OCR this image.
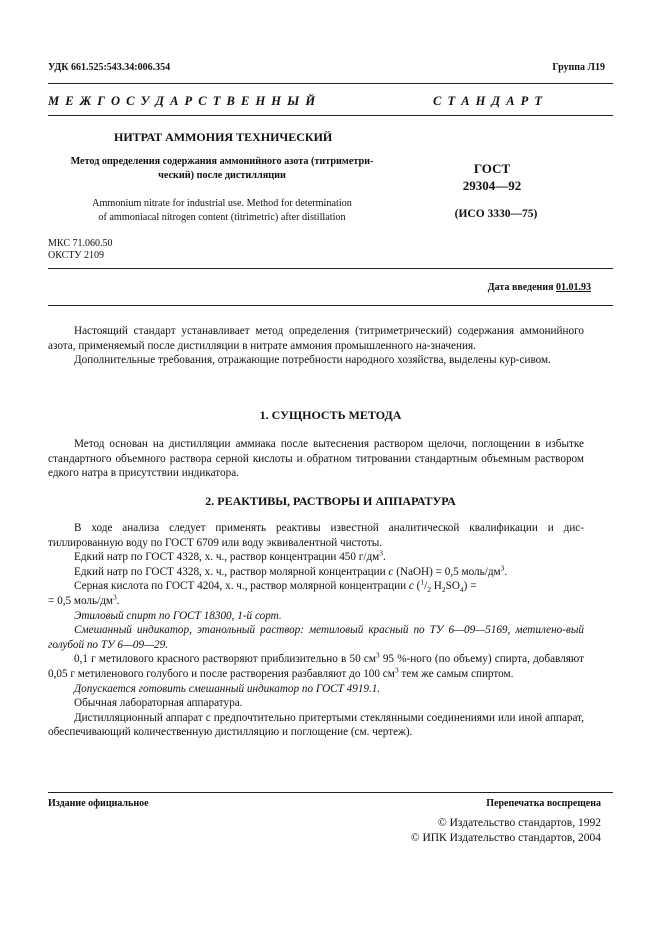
УДК 661.525:543.34:006.354	Группа Л19
М Е Ж Г О С У Д А Р С Т В Е Н Н Ы Й	С Т А Н Д А Р Т
НИТРАТ АММОНИЯ ТЕХНИЧЕСКИЙ
Метод определения содержания аммонийного азота (титриметри-
ческий) после дистилляции
Ammonium nitrate for industrial use. Method for determination
of ammoniacal nitrogen content (titrimetric) after distillation
ГОСТ
29304—92
(ИСО 3330—75)
МКС 71.060.50
ОКСТУ 2109
Дата введения 01.01.93
Настоящий стандарт устанавливает метод определения (титриметрический) содержания аммонийного азота, применяемый после дистилляции в нитрате аммония промышленного на-значения.
Дополнительные требования, отражающие потребности народного хозяйства, выделены кур-сивом.
1. СУЩНОСТЬ МЕТОДА
Метод основан на дистилляции аммиака после вытеснения раствором щелочи, поглощении в избытке стандартного объемного раствора серной кислоты и обратном титровании стандартным объемным раствором едкого натра в присутствии индикатора.
2. РЕАКТИВЫ, РАСТВОРЫ И АППАРАТУРА
В ходе анализа следует применять реактивы известной аналитической квалификации и дис-тиллированную воду по ГОСТ 6709 или воду эквивалентной чистоты.
Едкий натр по ГОСТ 4328, х. ч., раствор концентрации 450 $г/дм^3$.
Едкий натр по ГОСТ 4328, х. ч., раствор молярной концентрации c (NaOH) = 0,5 моль/$дм^3$.
Серная кислота по ГОСТ 4204, х. ч., раствор молярной концентрации c ($^1/_2$ $H_2SO_4$) =
= 0,5 моль/$дм^3$.
Этиловый спирт по ГОСТ 18300, 1-й сорт.
Смешанный индикатор, этанольный раствор: метиловый красный по ТУ 6—09—5169, метилено-вый голубой по ТУ 6—09—29.
0,1 г метилового красного растворяют приблизительно в 50 $см^3$ 95 %-ного (по объему) спирта, добавляют 0,05 г метиленового голубого и после растворения разбавляют до 100 $см^3$ тем же самым спиртом.
Допускается готовить смешанный индикатор по ГОСТ 4919.1.
Обычная лабораторная аппаратура.
Дистилляционный аппарат с предпочтительно притертыми стеклянными соединениями или иной аппарат, обеспечивающий количественную дистилляцию и поглощение (см. чертеж).
Издание официальное	Перепечатка воспрещена
© Издательство стандартов, 1992
© ИПК Издательство стандартов, 2004
